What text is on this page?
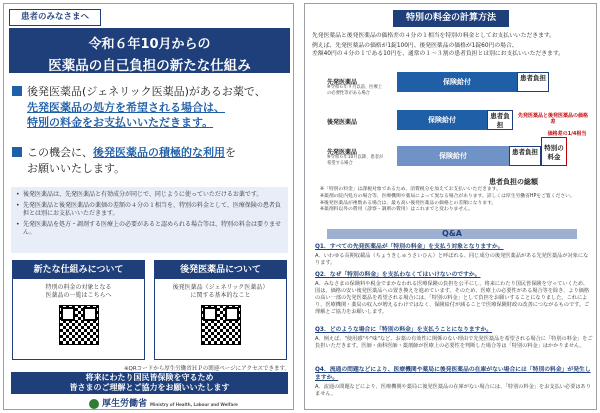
患者のみなさまへ
令和６年10月からの
医薬品の自己負担の新たな仕組み
後発医薬品(ジェネリック医薬品)があるお薬で、
先発医薬品の処方を希望される場合は、
特別の料金をお支払いいただきます。
この機会に、後発医薬品の積極的な利用を
お願いいたします。
• 後発医薬品は、先発医薬品と有効成分が同じで、同じように使っていただけるお薬です。
• 先発医薬品と後発医薬品の薬価の差額の４分の１相当を、特別の料金として、医療保険の患者負担とは別にお支払いいただきます。
• 先発医薬品を処方・調剤する医療上の必要があると認められる場合等は、特別の料金は要りません。
新たな仕組みについて
特別の料金の対象となる
医薬品の一覧はこちらへ
後発医薬品について
後発医薬品（ジェネリック医薬品）
に関する基本的なこと
※QRコードから厚生労働省ＨＰの関連ページにアクセスできます。
将来にわたり国民皆保険を守るため
皆さまのご理解とご協力をお願いいたします
厚生労働省 Ministry of Health, Labour and Welfare
特別の料金の計算方法
先発医薬品と後発医薬品の価格差の４分の１相当を特別の料金としてお支払いいただきます。
例えば、先発医薬品の価格が1錠100円、後発医薬品の価格が1錠60円の場合、
差額40円の４分の１である10円を、通常の１～３割の患者負担とは別にお支払いいただきます。
先発医薬品
※令和６年９月以前、医療上の必要性等がある場合
保険給付	患者負担
後発医薬品	保険給付	患者負担
先発医薬品と後発医薬品の価格差
価格差の1/4相当
先発医薬品
※令和６年10月以降、患者が希望する場合
保険給付	患者負担 特別の料金
患者負担の総額
※「特別の料金」は課税対象であるため、消費税分を加えてお支払いいただきます。
※薬剤の院内処方の場合等、医療機関や薬局によって異なる場合があります。詳しくは厚生労働省HPをご覧ください。
※後発医薬品が複数ある場合は、最も高い後発医薬品の価格との差額になります。
※薬剤料以外の費用（診察・調剤の費用）はこれまでと変わりません。
Q&A
Q1．すべての先発医薬品が「特別の料金」を支払う対象となりますか。
A．いわゆる長期収載品（ちょうきしゅうさいひん）と呼ばれる、同じ成分の後発医薬品がある先発医薬品が対象になります。
Q2．なぜ「特別の料金」を支払わなくてはいけないのですか。
A．みなさまの保険料や税金でまかなわれる医療保険の負担を公平にし、将来にわたり国民皆保険を守っていくため、国は、価格の安い後発医薬品への置き換えを進めています。そのため、医療上の必要性がある場合等を除き、より価格の高い一部の先発医薬品を希望される場合には、「特別の料金」として負担をお願いすることになりました。これにより、医療機関・薬局の収入が増えるわけではなく、保険給付が減ることで医療保険財政の改善につながるものです。ご理解とご協力をお願いします。
Q3．どのような場合に「特別の料金」を支払うことになりますか。
A．例えば、"使用感"や"味"など、お薬の有効性に関係のない理由で先発医薬品を希望される場合に「特別の料金」をご負担いただきます。医師・歯科医師・薬剤師が医療上の必要性を判断した場合等は「特別の料金」はかかりません。
Q4．流通の問題などにより、医療機関や薬局に後発医薬品の在庫がない場合には「特別の料金」が発生しますか。
A．流通の問題などにより、医療機関や薬局に後発医薬品の在庫がない場合には、「特別の料金」をお支払い必要はありません。
